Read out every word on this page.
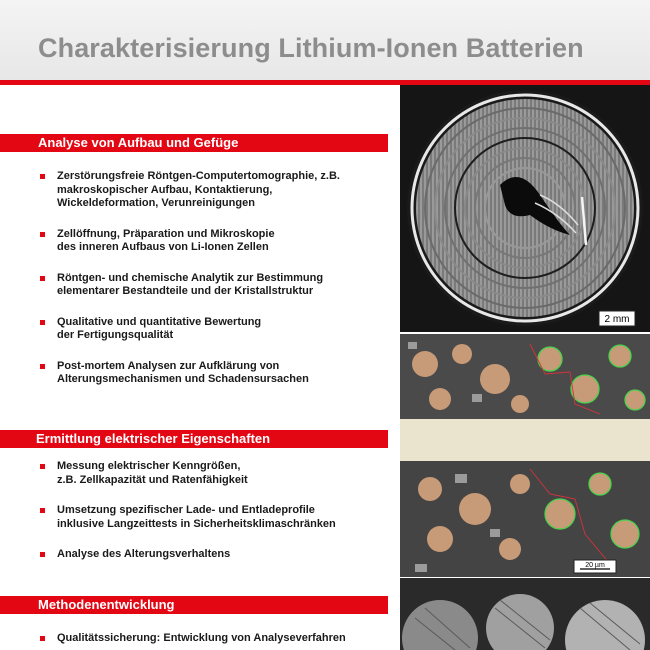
Charakterisierung Lithium-Ionen Batterien
Analyse von Aufbau und Gefüge
Zerstörungsfreie Röntgen-Computertomographie, z.B.
makroskopischer Aufbau, Kontaktierung,
Wickeldeformation, Verunreinigungen
Zellöffnung, Präparation und Mikroskopie
des inneren Aufbaus von Li-Ionen Zellen
Röntgen- und chemische Analytik zur Bestimmung
elementarer Bestandteile und der Kristallstruktur
Qualitative und quantitative Bewertung
der Fertigungsqualität
Post-mortem Analysen zur Aufklärung von
Alterungsmechanismen und Schadensursachen
Ermittlung elektrischer Eigenschaften
Messung elektrischer Kenngrößen,
z.B. Zellkapazität und Ratenfähigkeit
Umsetzung spezifischer Lade- und Entladeprofile
inklusive Langzeittests in Sicherheitsklimaschränken
Analyse des Alterungsverhaltens
Methodenentwicklung
Qualitätssicherung: Entwicklung von Analyseverfahren
2 mm
20 µm
